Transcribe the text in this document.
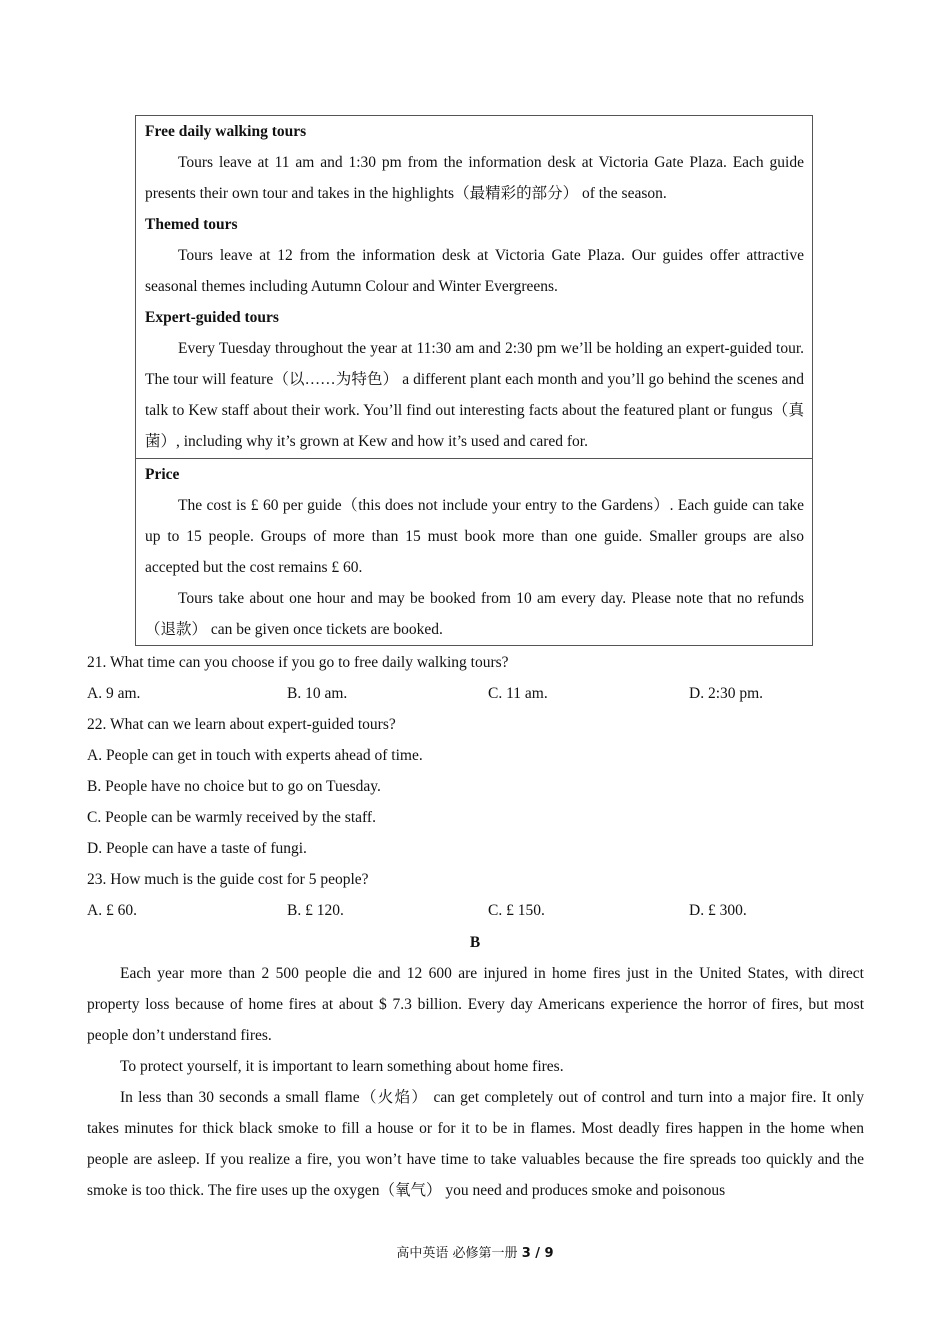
Free daily walking tours
Tours leave at 11 am and 1:30 pm from the information desk at Victoria Gate Plaza. Each guide presents their own tour and takes in the highlights（最精彩的部分） of the season.
Themed tours
Tours leave at 12 from the information desk at Victoria Gate Plaza. Our guides offer attractive seasonal themes including Autumn Colour and Winter Evergreens.
Expert-guided tours
Every Tuesday throughout the year at 11:30 am and 2:30 pm we’ll be holding an expert-guided tour. The tour will feature（以……为特色） a different plant each month and you’ll go behind the scenes and talk to Kew staff about their work. You’ll find out interesting facts about the featured plant or fungus（真菌）, including why it’s grown at Kew and how it’s used and cared for.
Price
The cost is £ 60 per guide（this does not include your entry to the Gardens）. Each guide can take up to 15 people. Groups of more than 15 must book more than one guide. Smaller groups are also accepted but the cost remains £ 60.
Tours take about one hour and may be booked from 10 am every day. Please note that no refunds（退款） can be given once tickets are booked.
21. What time can you choose if you go to free daily walking tours?
A. 9 am.	B. 10 am.	C. 11 am.	D. 2:30 pm.
22. What can we learn about expert-guided tours?
A. People can get in touch with experts ahead of time.
B. People have no choice but to go on Tuesday.
C. People can be warmly received by the staff.
D. People can have a taste of fungi.
23. How much is the guide cost for 5 people?
A. £ 60.	B. £ 120.	C. £ 150.	D. £ 300.
B
Each year more than 2 500 people die and 12 600 are injured in home fires just in the United States, with direct property loss because of home fires at about $ 7.3 billion. Every day Americans experience the horror of fires, but most people don’t understand fires.
To protect yourself, it is important to learn something about home fires.
In less than 30 seconds a small flame（火焰） can get completely out of control and turn into a major fire. It only takes minutes for thick black smoke to fill a house or for it to be in flames. Most deadly fires happen in the home when people are asleep. If you realize a fire, you won’t have time to take valuables because the fire spreads too quickly and the smoke is too thick. The fire uses up the oxygen（氧气） you need and produces smoke and poisonous
高中英语 必修第一册 3 / 9
